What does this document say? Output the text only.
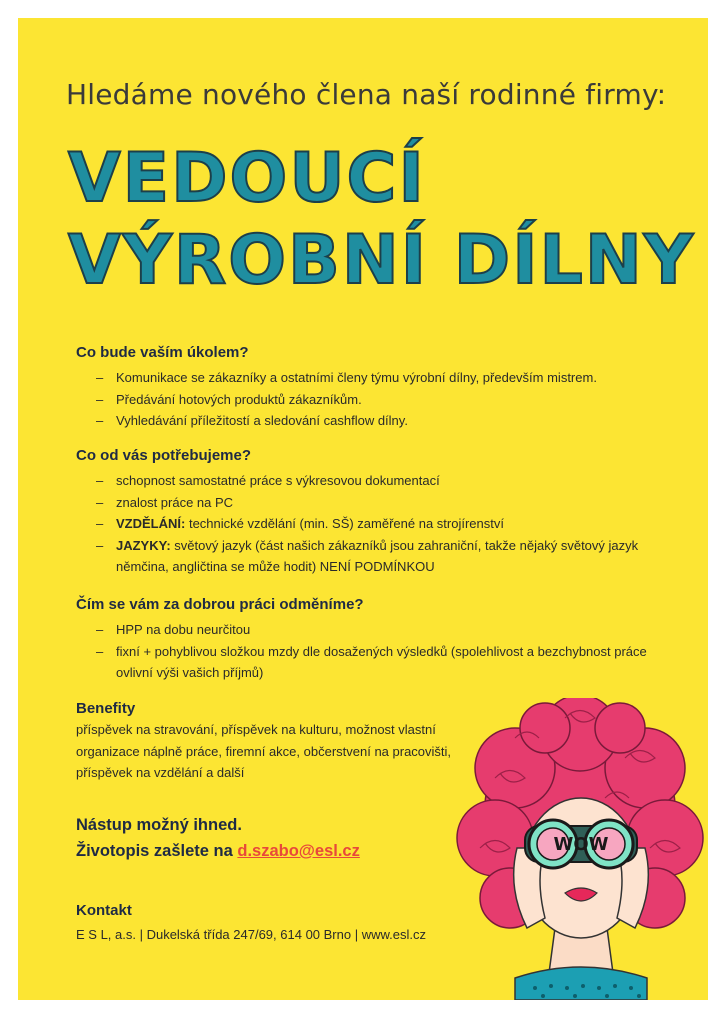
Hledáme nového člena naší rodinné firmy:
VEDOUCÍ
VÝROBNÍ DÍLNY
Co bude vaším úkolem?
– Komunikace se zákazníky a ostatními členy týmu výrobní dílny, především mistrem.
– Předávání hotových produktů zákazníkům.
– Vyhledávání příležitostí a sledování cashflow dílny.
Co od vás potřebujeme?
– schopnost samostatné práce s výkresovou dokumentací
– znalost práce na PC
– VZDĚLÁNÍ: technické vzdělání (min. SŠ) zaměřené na strojírenství
– JAZYKY: světový jazyk (část našich zákazníků jsou zahraniční, takže nějaký světový jazyk
němčina, angličtina se může hodit) NENÍ PODMÍNKOU
Čím se vám za dobrou práci odměníme?
– HPP na dobu neurčitou
– fixní + pohyblivou složkou mzdy dle dosažených výsledků (spolehlivost a bezchybnost práce
ovlivní výši vašich příjmů)
Benefity
příspěvek na stravování, příspěvek na kulturu, možnost vlastní
organizace náplně práce, firemní akce, občerstvení na pracovišti,
příspěvek na vzdělání a další
Nástup možný ihned.
Životopis zašlete na d.szabo@esl.cz
Kontakt
E S L, a.s. | Dukelská třída 247/69, 614 00 Brno | www.esl.cz
WOW
